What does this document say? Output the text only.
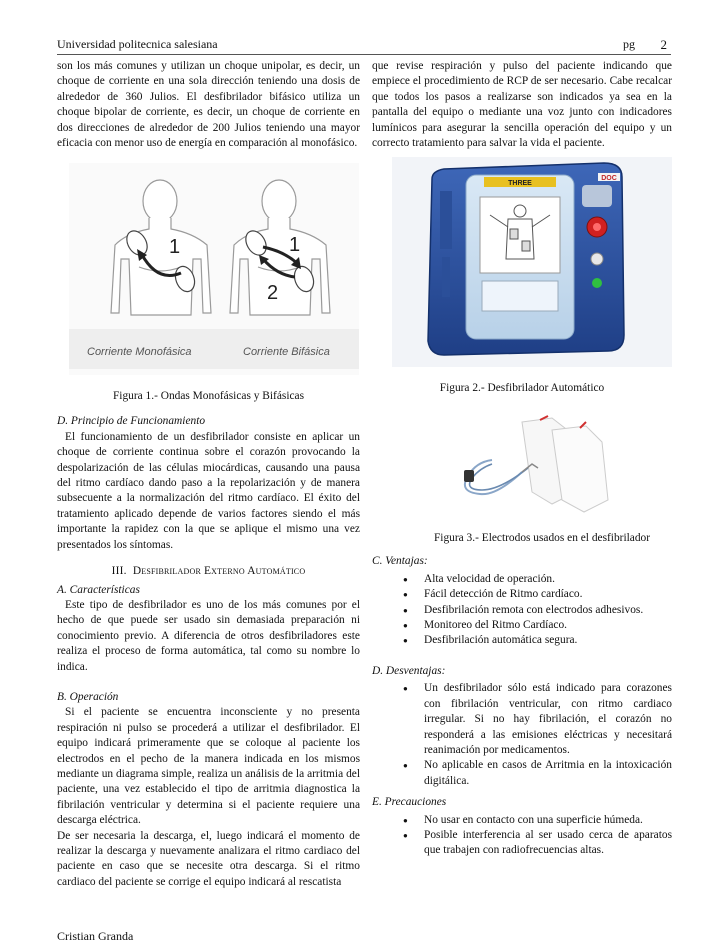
Universidad politecnica salesiana	pg 2

son los más comunes y utilizan un choque unipolar, es decir, un choque de corriente en una sola dirección teniendo una dosis de alrededor de 360 Julios. El desfibrilador bifásico utiliza un choque bipolar de corriente, es decir, un choque de corriente en dos direcciones de alrededor de 200 Julios teniendo una mayor eficacia con menor uso de energía en comparación al monofásico.

1	1
2
Corriente Monofásica	Corriente Bifásica
Figura 1.- Ondas Monofásicas y Bifásicas

D. Principio de Funcionamiento

El funcionamiento de un desfibrilador consiste en aplicar un choque de corriente continua sobre el corazón provocando la despolarización de las células miocárdicas, causando una pausa del ritmo cardíaco dando paso a la repolarización y de manera subsecuente a la normalización del ritmo cardíaco. El éxito del tratamiento aplicado depende de varios factores siendo el más importante la rapidez con la que se aplique el mismo una vez presentados los síntomas.

III. Desfibrilador Externo Automático

A. Características

Este tipo de desfibrilador es uno de los más comunes por el hecho de que puede ser usado sin demasiada preparación ni conocimiento previo. A diferencia de otros desfibriladores este realiza el proceso de forma automática, tal como su nombre lo indica.

B. Operación

Si el paciente se encuentra inconsciente y no presenta respiración ni pulso se procederá a utilizar el desfibrilador. El equipo indicará primeramente que se coloque al paciente los electrodos en el pecho de la manera indicada en los mismos mediante un diagrama simple, realiza un análisis de la arritmia del paciente, una vez establecido el tipo de arritmia diagnostica la fibrilación ventricular y determina si el paciente requiere una descarga eléctrica.

De ser necesaria la descarga, el, luego indicará el momento de realizar la descarga y nuevamente analizara el ritmo cardiaco del paciente en caso que se necesite otra descarga. Si el ritmo cardiaco del paciente se corrige el equipo indicará al rescatista

que revise respiración y pulso del paciente indicando que empiece el procedimiento de RCP de ser necesario. Cabe recalcar que todos los pasos a realizarse son indicados ya sea en la pantalla del equipo o mediante una voz junto con indicadores lumínicos para asegurar la sencilla operación del equipo y un correcto tratamiento para salvar la vida el paciente.

THREE
DOC
Figura 2.- Desfibrilador Automático
Figura 3.- Electrodos usados en el desfibrilador

C. Ventajas:

● Alta velocidad de operación.
● Fácil detección de Ritmo cardíaco.
● Desfibrilación remota con electrodos adhesivos.
● Monitoreo del Ritmo Cardíaco.
● Desfibrilación automática segura.

D. Desventajas:

● Un desfibrilador sólo está indicado para corazones con fibrilación ventricular, con ritmo cardiaco irregular. Si no hay fibrilación, el corazón no responderá a las emisiones eléctricas y necesitará reanimación por medicamentos.
● No aplicable en casos de Arritmia en la intoxicación digitálica.

E. Precauciones

● No usar en contacto con una superficie húmeda.
● Posible interferencia al ser usado cerca de aparatos que trabajen con radiofrecuencias altas.
Cristian Granda
